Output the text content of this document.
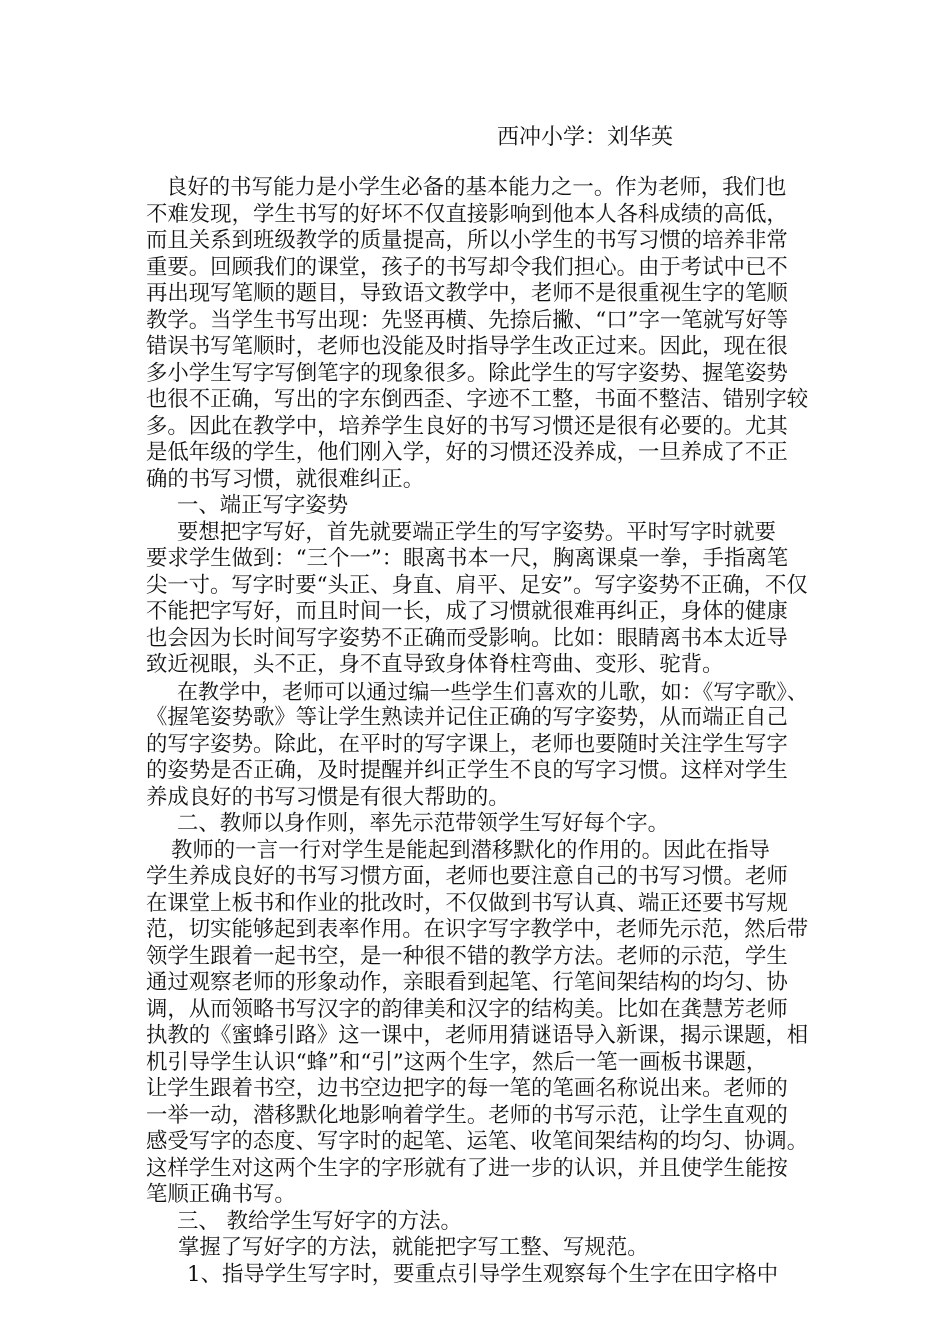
西冲小学：刘华英
良好的书写能力是小学生必备的基本能力之一。作为老师，我们也
不难发现，学生书写的好坏不仅直接影响到他本人各科成绩的高低，
而且关系到班级教学的质量提高，所以小学生的书写习惯的培养非常
重要。回顾我们的课堂，孩子的书写却令我们担心。由于考试中已不
再出现写笔顺的题目，导致语文教学中，老师不是很重视生字的笔顺
教学。当学生书写出现：先竖再横、先捺后撇、“口”字一笔就写好等
错误书写笔顺时，老师也没能及时指导学生改正过来。因此，现在很
多小学生写字写倒笔字的现象很多。除此学生的写字姿势、握笔姿势
也很不正确，写出的字东倒西歪、字迹不工整，书面不整洁、错别字较
多。因此在教学中，培养学生良好的书写习惯还是很有必要的。尤其
是低年级的学生，他们刚入学，好的习惯还没养成，一旦养成了不正
确的书写习惯，就很难纠正。
一、端正写字姿势
要想把字写好，首先就要端正学生的写字姿势。平时写字时就要
要求学生做到：“三个一”：眼离书本一尺，胸离课桌一拳，手指离笔
尖一寸。写字时要“头正、身直、肩平、足安”。写字姿势不正确，不仅
不能把字写好，而且时间一长，成了习惯就很难再纠正，身体的健康
也会因为长时间写字姿势不正确而受影响。比如：眼睛离书本太近导
致近视眼，头不正，身不直导致身体脊柱弯曲、变形、驼背。
在教学中，老师可以通过编一些学生们喜欢的儿歌，如：《写字歌》、
《握笔姿势歌》等让学生熟读并记住正确的写字姿势，从而端正自己
的写字姿势。除此，在平时的写字课上，老师也要随时关注学生写字
的姿势是否正确，及时提醒并纠正学生不良的写字习惯。这样对学生
养成良好的书写习惯是有很大帮助的。
二、教师以身作则，率先示范带领学生写好每个字。
教师的一言一行对学生是能起到潜移默化的作用的。因此在指导
学生养成良好的书写习惯方面，老师也要注意自己的书写习惯。老师
在课堂上板书和作业的批改时，不仅做到书写认真、端正还要书写规
范，切实能够起到表率作用。在识字写字教学中，老师先示范，然后带
领学生跟着一起书空，是一种很不错的教学方法。老师的示范，学生
通过观察老师的形象动作，亲眼看到起笔、行笔间架结构的均匀、协
调，从而领略书写汉字的韵律美和汉字的结构美。比如在龚慧芳老师
执教的《蜜蜂引路》这一课中，老师用猜谜语导入新课，揭示课题，相
机引导学生认识“蜂”和“引”这两个生字，然后一笔一画板书课题，
让学生跟着书空，边书空边把字的每一笔的笔画名称说出来。老师的
一举一动，潜移默化地影响着学生。老师的书写示范，让学生直观的
感受写字的态度、写字时的起笔、运笔、收笔间架结构的均匀、协调。
这样学生对这两个生字的字形就有了进一步的认识，并且使学生能按
笔顺正确书写。
三、 教给学生写好字的方法。
掌握了写好字的方法，就能把字写工整、写规范。
1、指导学生写字时，要重点引导学生观察每个生字在田字格中
